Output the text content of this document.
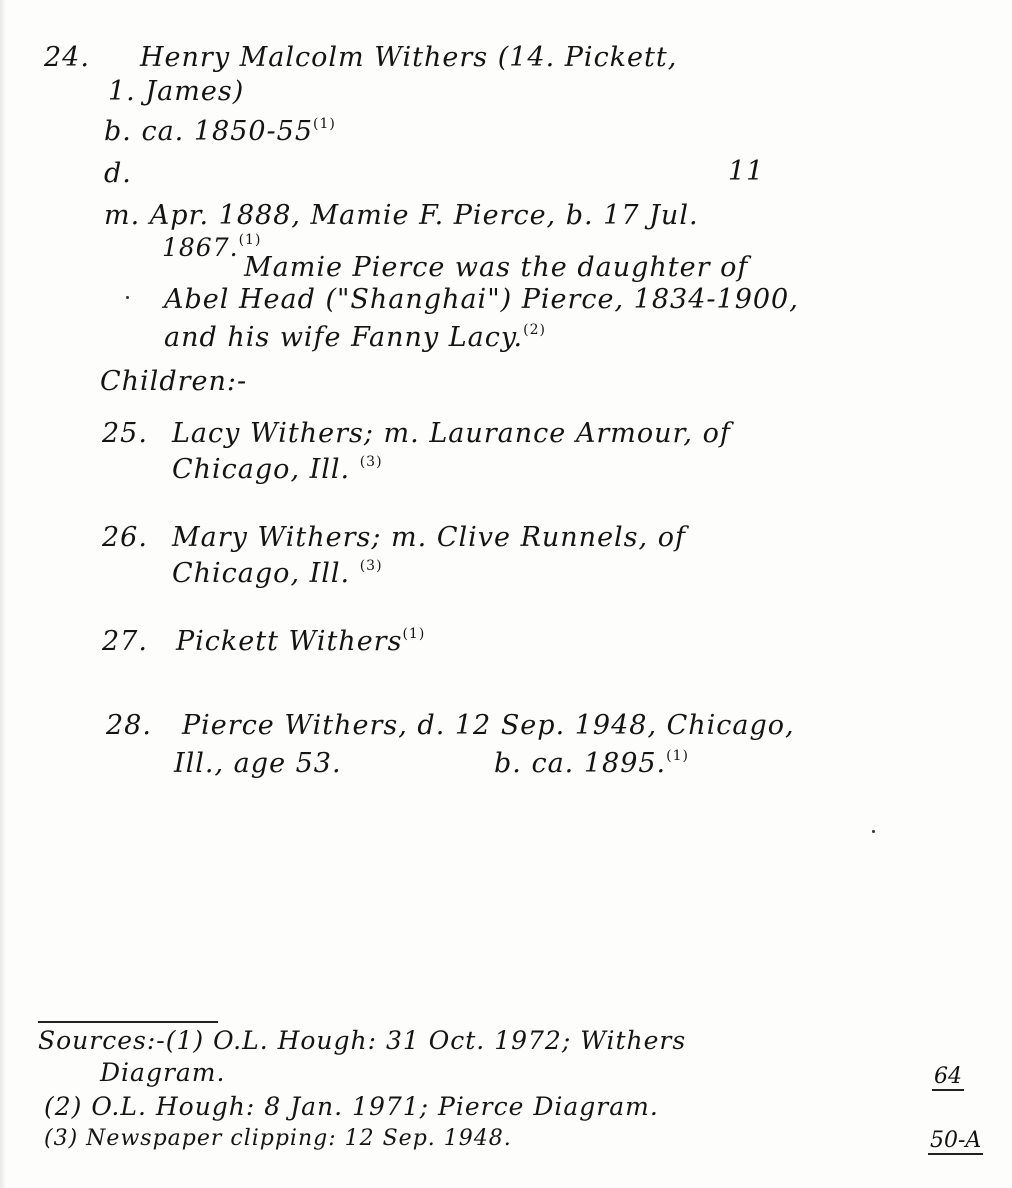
24. Henry Malcolm Withers (14. Pickett,
1. James)
b. ca. 1850-55$^{(1)}$
d.	11
m. Apr. 1888, Mamie F. Pierce, b. 17 Jul.
1867.$^{(1)}$
Mamie Pierce was the daughter of
Abel Head ("Shanghai") Pierce, 1834-1900,
and his wife Fanny Lacy.$^{(2)}$
Children:-
25. Lacy Withers; m. Laurance Armour, of
Chicago, Ill. $^{(3)}$
26. Mary Withers; m. Clive Runnels, of
Chicago, Ill. $^{(3)}$
27. Pickett Withers$^{(1)}$
28. Pierce Withers, d. 12 Sep. 1948, Chicago,
Ill., age 53.	b. ca. 1895.$^{(1)}$
Sources:-(1) O.L. Hough: 31 Oct. 1972; Withers
Diagram.
(2) O.L. Hough: 8 Jan. 1971; Pierce Diagram.
(3) Newspaper clipping: 12 Sep. 1948.
64
50-A
